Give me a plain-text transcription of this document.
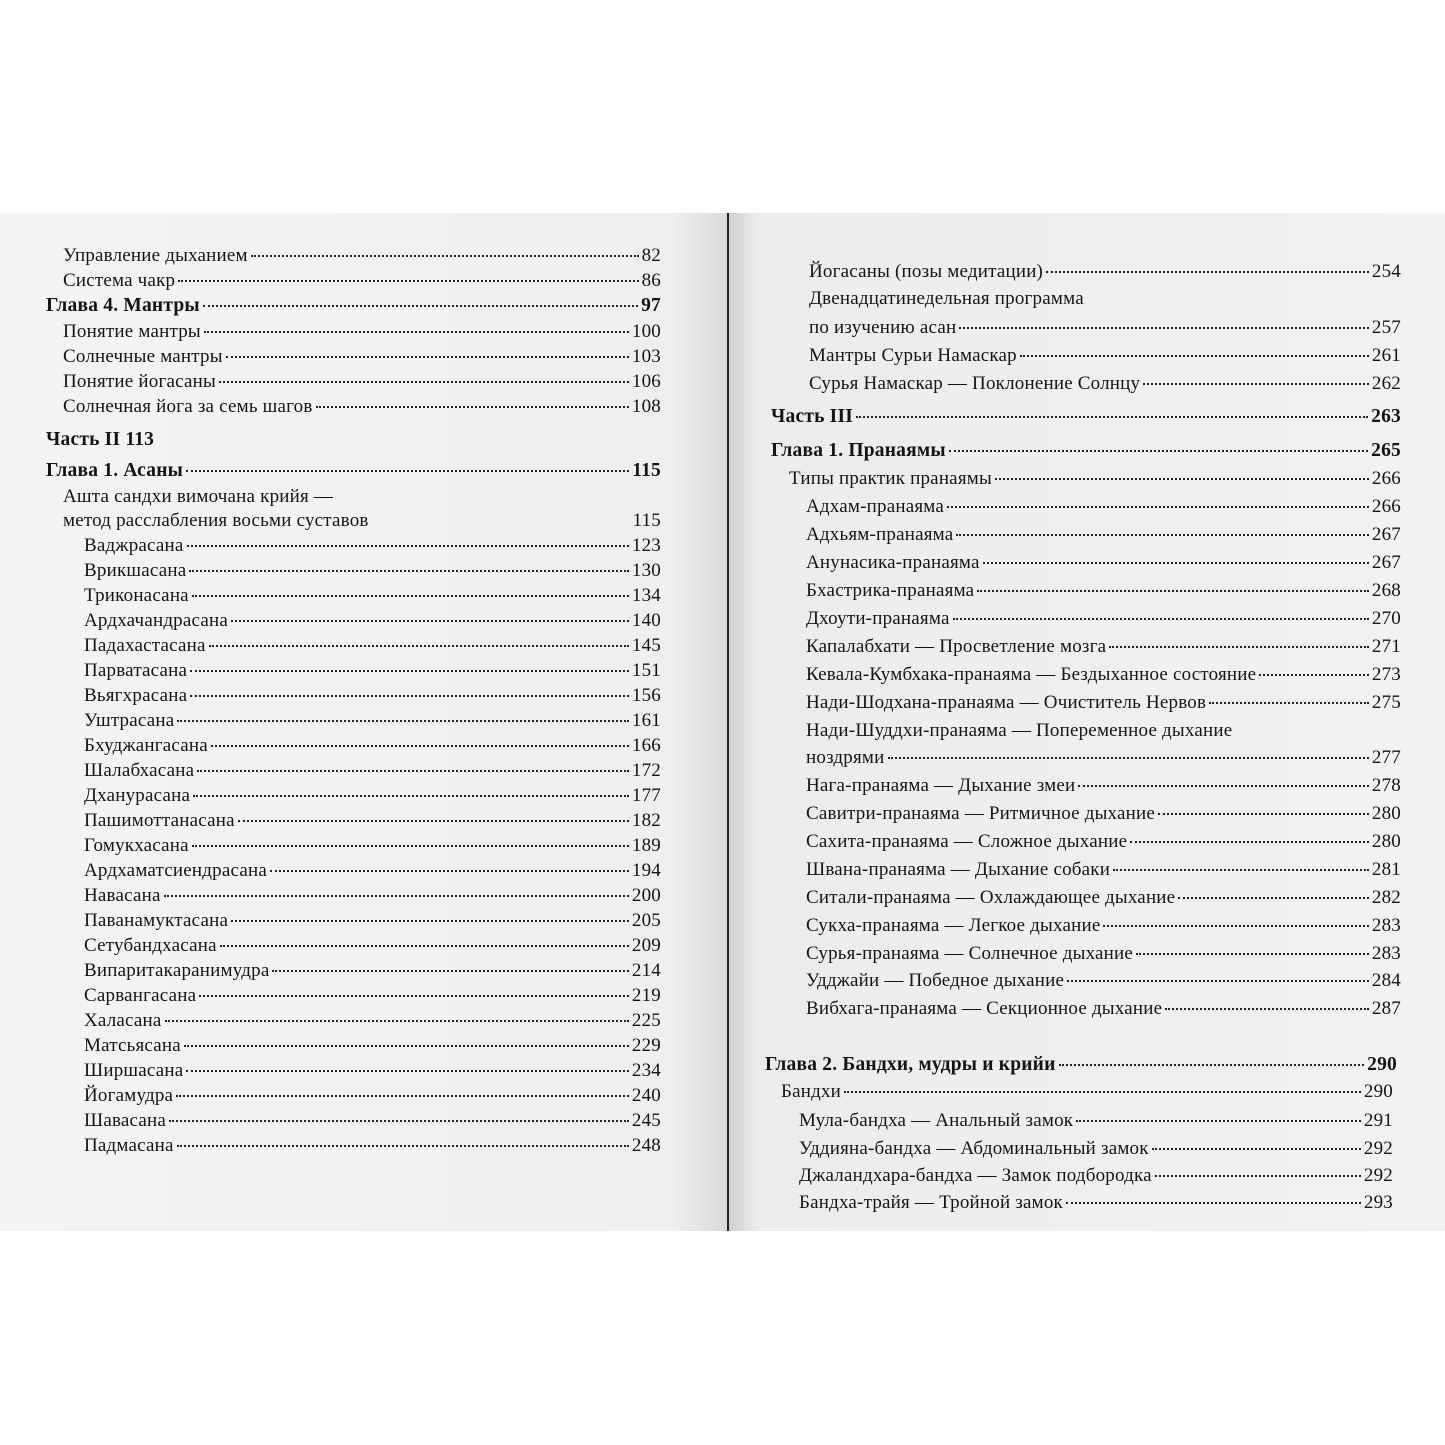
Управление дыханием	82
Система чакр	86
Глава 4. Мантры	97
Понятие мантры	100
Солнечные мантры	103
Понятие йогасаны	106
Солнечная йога за семь шагов	108
Часть II 113
Глава 1. Асаны	115
Ашта сандхи вимочана крийя —
метод расслабления восьми суставов	115
Ваджрасана	123
Врикшасана	130
Триконасана	134
Ардхачандрасана	140
Падахастасана	145
Парватасана	151
Вьягхрасана	156
Уштрасана	161
Бхуджангасана	166
Шалабхасана	172
Дханурасана	177
Пашимоттанасана	182
Гомукхасана	189
Ардхаматсиендрасана	194
Навасана	200
Паванамуктасана	205
Сетубандхасана	209
Випаритакаранимудра	214
Сарвангасана	219
Халасана	225
Матсьясана	229
Ширшасана	234
Йогамудра	240
Шавасана	245
Падмасана	248
Йогасаны (позы медитации)	254
Двенадцатинедельная программа
по изучению асан	257
Мантры Сурьи Намаскар	261
Сурья Намаскар — Поклонение Солнцу	262
Часть III	263
Глава 1. Пранаямы	265
Типы практик пранаямы	266
Адхам-пранаяма	266
Адхьям-пранаяма	267
Анунасика-пранаяма	267
Бхастрика-пранаяма	268
Дхоути-пранаяма	270
Капалабхати — Просветление мозга	271
Кевала-Кумбхака-пранаяма — Бездыханное состояние	273
Нади-Шодхана-пранаяма — Очиститель Нервов	275
Нади-Шуддхи-пранаяма — Попеременное дыхание
ноздрями	277
Нага-пранаяма — Дыхание змеи	278
Савитри-пранаяма — Ритмичное дыхание	280
Сахита-пранаяма — Сложное дыхание	280
Швана-пранаяма — Дыхание собаки	281
Ситали-пранаяма — Охлаждающее дыхание	282
Сукха-пранаяма — Легкое дыхание	283
Сурья-пранаяма — Солнечное дыхание	283
Удджайи — Победное дыхание	284
Вибхага-пранаяма — Секционное дыхание	287
Глава 2. Бандхи, мудры и крийи	290
Бандхи	290
Мула-бандха — Анальный замок	291
Уддияна-бандха — Абдоминальный замок	292
Джаландхара-бандха — Замок подбородка	292
Бандха-трайя — Тройной замок	293
